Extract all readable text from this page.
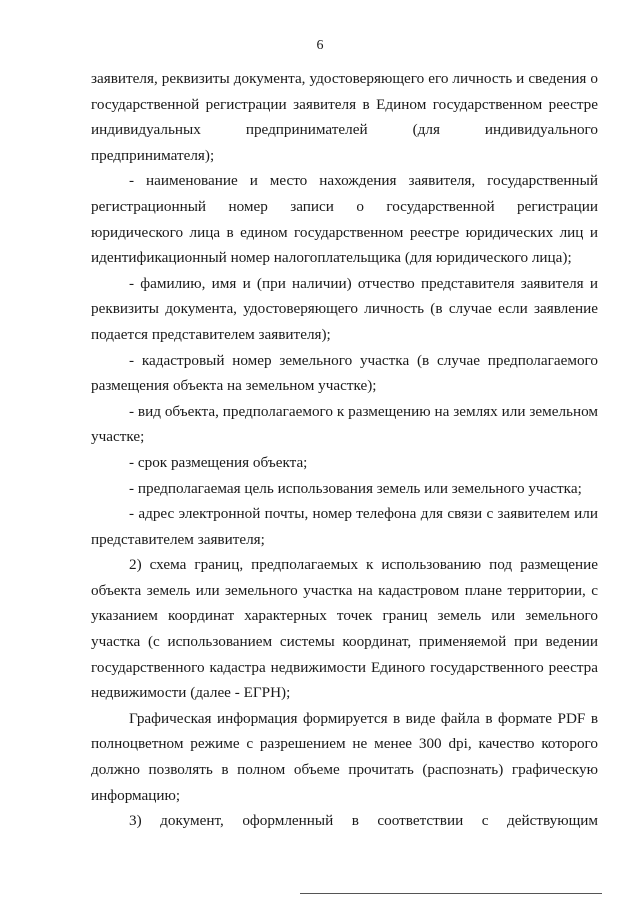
6

заявителя, реквизиты документа, удостоверяющего его личность и сведения о государственной регистрации заявителя в Едином государственном реестре индивидуальных предпринимателей (для индивидуального предпринимателя);

- наименование и место нахождения заявителя, государственный регистрационный номер записи о государственной регистрации юридического лица в едином государственном реестре юридических лиц и идентификационный номер налогоплательщика (для юридического лица);

- фамилию, имя и (при наличии) отчество представителя заявителя и реквизиты документа, удостоверяющего личность (в случае если заявление подается представителем заявителя);

- кадастровый номер земельного участка (в случае предполагаемого размещения объекта на земельном участке);

- вид объекта, предполагаемого к размещению на землях или земельном участке;

- срок размещения объекта;

- предполагаемая цель использования земель или земельного участка;

- адрес электронной почты, номер телефона для связи с заявителем или представителем заявителя;

2) схема границ, предполагаемых к использованию под размещение объекта земель или земельного участка на кадастровом плане территории, с указанием координат характерных точек границ земель или земельного участка (с использованием системы координат, применяемой при ведении государственного кадастра недвижимости Единого государственного реестра недвижимости (далее - ЕГРН);

Графическая информация формируется в виде файла в формате PDF в полноцветном режиме с разрешением не менее 300 dpi, качество которого должно позволять в полном объеме прочитать (распознать) графическую информацию;

3) документ, оформленный в соответствии с действующим
